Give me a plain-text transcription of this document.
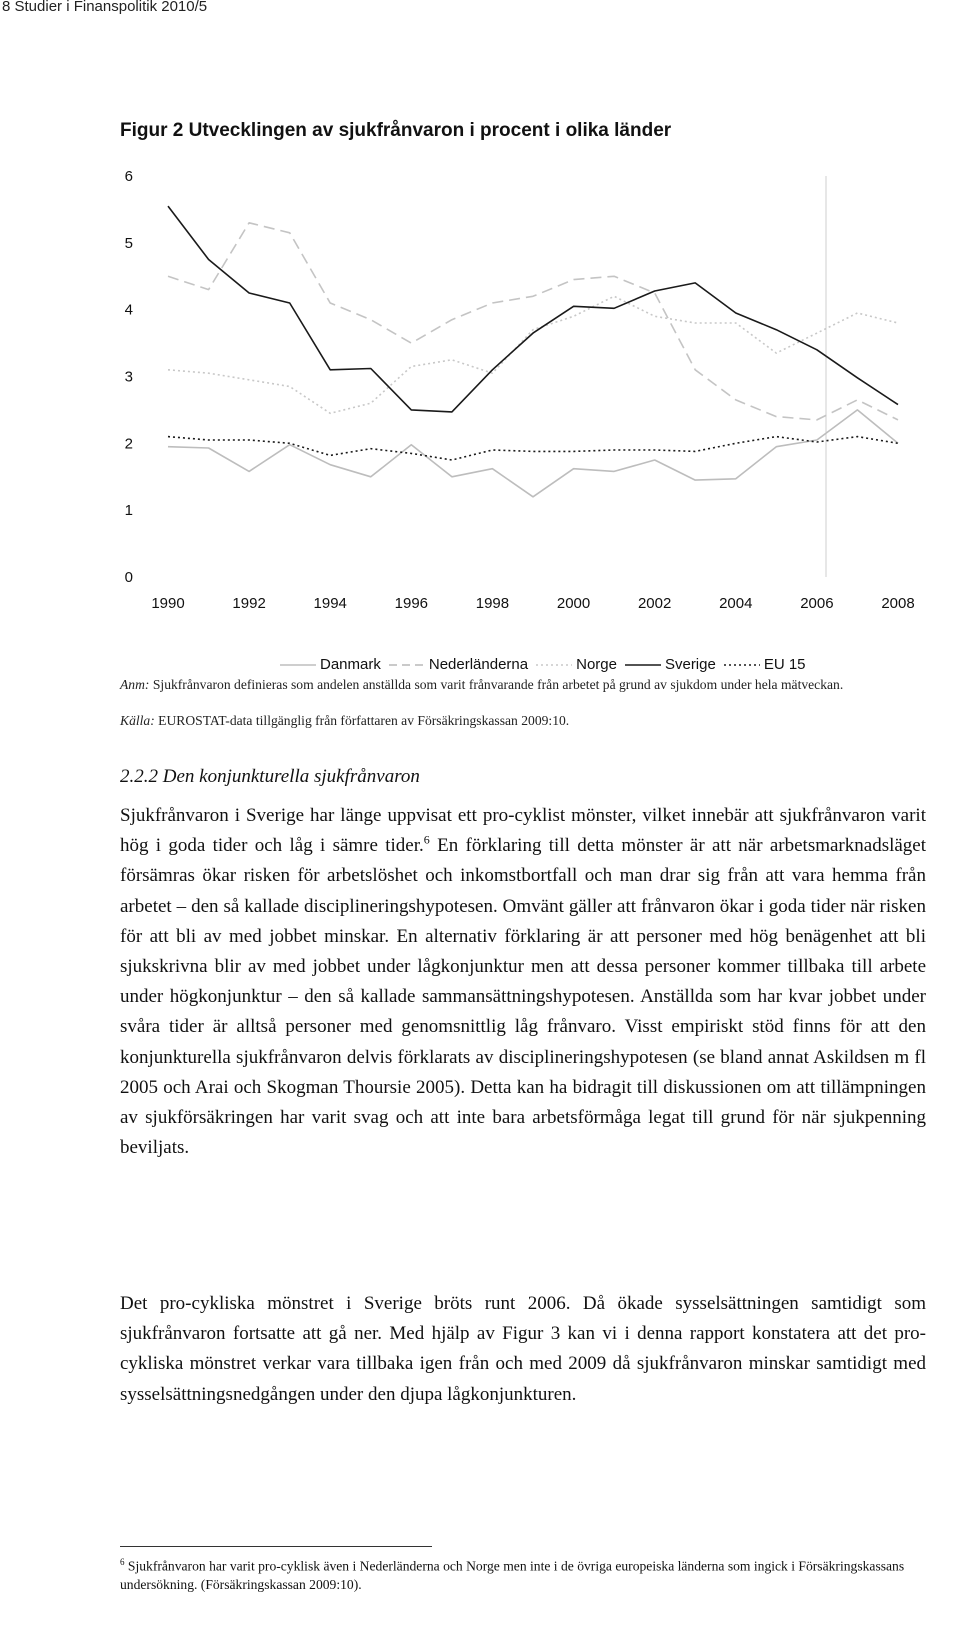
8 Studier i Finanspolitik 2010/5
Figur 2 Utvecklingen av sjukfrånvaron i procent i olika länder
0
1
2
3
4
5
6
1990	1992	1994	1996	1998	2000	2002	2004	2006	2008
Danmark	Nederländerna	Norge	Sverige	EU 15
Anm: Sjukfrånvaron definieras som andelen anställda som varit frånvarande från arbetet på grund av sjukdom under hela mätveckan.
Källa: EUROSTAT-data tillgänglig från författaren av Försäkringskassan 2009:10.
2.2.2 Den konjunkturella sjukfrånvaron

Sjukfrånvaron i Sverige har länge uppvisat ett pro-cyklist mönster, vilket innebär att sjukfrånvaron varit hög i goda tider och låg i sämre tider.$^6$ En förklaring till detta mönster är att när arbetsmarknadsläget försämras ökar risken för arbetslöshet och inkomstbortfall och man drar sig från att vara hemma från arbetet – den så kallade disciplineringshypotesen. Omvänt gäller att frånvaron ökar i goda tider när risken för att bli av med jobbet minskar. En alternativ förklaring är att personer med hög benägenhet att bli sjukskrivna blir av med jobbet under lågkonjunktur men att dessa personer kommer tillbaka till arbete under högkonjunktur – den så kallade sammansättningshypotesen. Anställda som har kvar jobbet under svåra tider är alltså personer med genomsnittlig låg frånvaro. Visst empiriskt stöd finns för att den konjunkturella sjukfrånvaron delvis förklarats av disciplineringshypotesen (se bland annat Askildsen m fl 2005 och Arai och Skogman Thoursie 2005). Detta kan ha bidragit till diskussionen om att tillämpningen av sjukförsäkringen har varit svag och att inte bara arbetsförmåga legat till grund för när sjukpenning beviljats.

Det pro-cykliska mönstret i Sverige bröts runt 2006. Då ökade sysselsättningen samtidigt som sjukfrånvaron fortsatte att gå ner. Med hjälp av Figur 3 kan vi i denna rapport konstatera att det pro-cykliska mönstret verkar vara tillbaka igen från och med 2009 då sjukfrånvaron minskar samtidigt med sysselsättningsnedgången under den djupa lågkonjunkturen.

$^6$ Sjukfrånvaron har varit pro-cyklisk även i Nederländerna och Norge men inte i de övriga europeiska länderna som ingick i Försäkringskassans undersökning. (Försäkringskassan 2009:10).
